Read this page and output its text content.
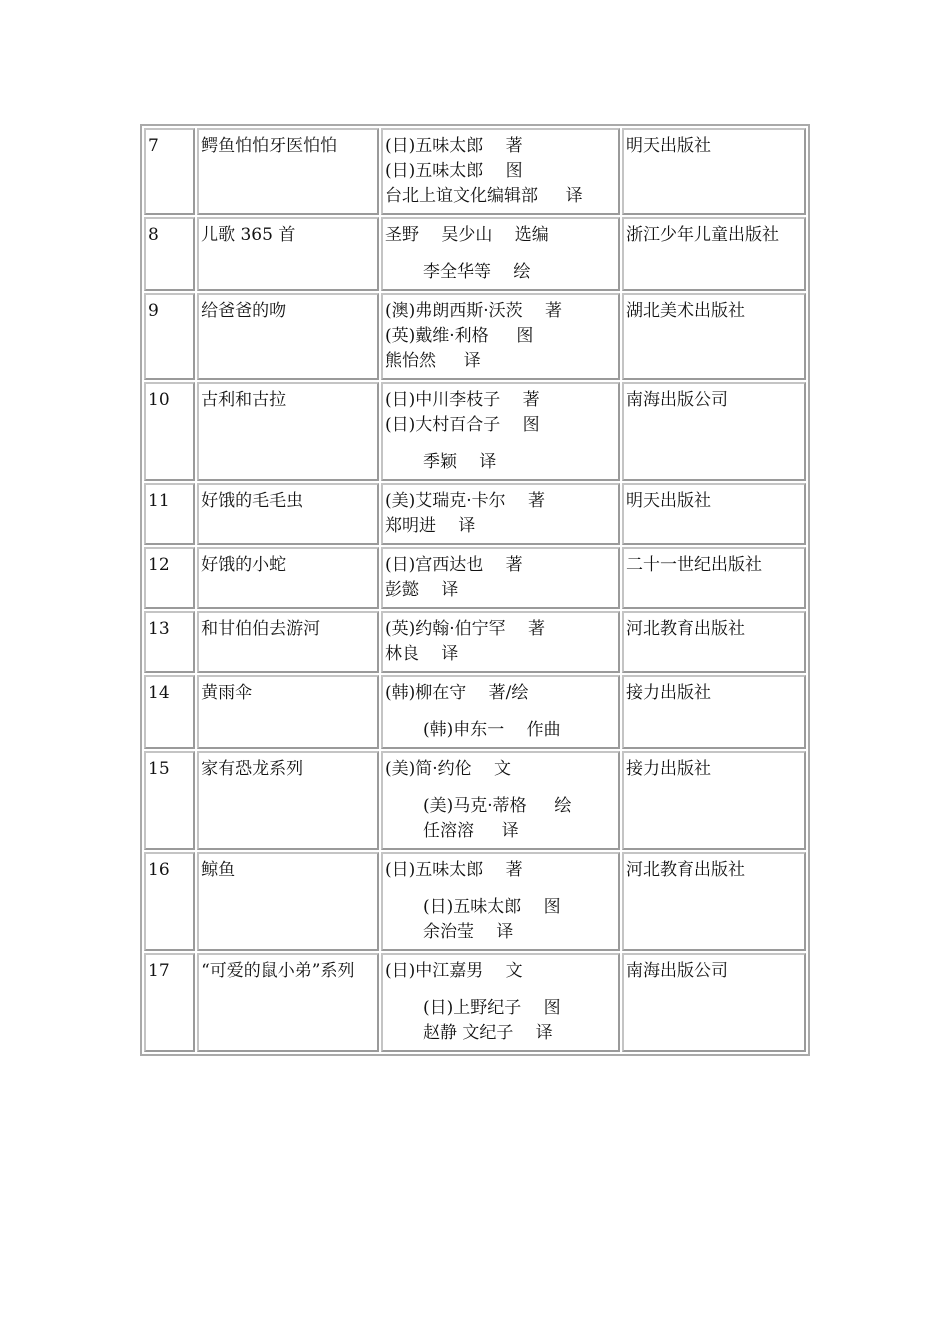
7	鳄鱼怕怕牙医怕怕	(日)五味太郎　 著
(日)五味太郎　 图
台北上谊文化编辑部 　 译	明天出版社
8	儿歌 365 首	圣野　 吴少山　 选编
李全华等　 绘	浙江少年儿童出版社
9	给爸爸的吻	(澳)弗朗西斯·沃茨　 著
(英)戴维·利格 　 图
熊怡然 　 译	湖北美术出版社
10	古利和古拉	(日)中川李枝子　 著
(日)大村百合子　 图
季颖　 译	南海出版公司
11	好饿的毛毛虫	(美)艾瑞克·卡尔　 著
郑明进　 译	明天出版社
12	好饿的小蛇	(日)宫西达也　 著
彭懿　 译	二十一世纪出版社
13	和甘伯伯去游河	(英)约翰·伯宁罕　 著
林良　 译	河北教育出版社
14	黄雨伞	(韩)柳在守　 著/绘
(韩)申东一　 作曲	接力出版社
15	家有恐龙系列	(美)简·约伦　 文
(美)马克·蒂格 　 绘
任溶溶 　 译	接力出版社
16	鲸鱼	(日)五味太郎　 著
(日)五味太郎　 图
余治莹　 译	河北教育出版社
17	“可爱的鼠小弟”系列	(日)中江嘉男　 文
(日)上野纪子　 图
赵静 文纪子　 译	南海出版公司
